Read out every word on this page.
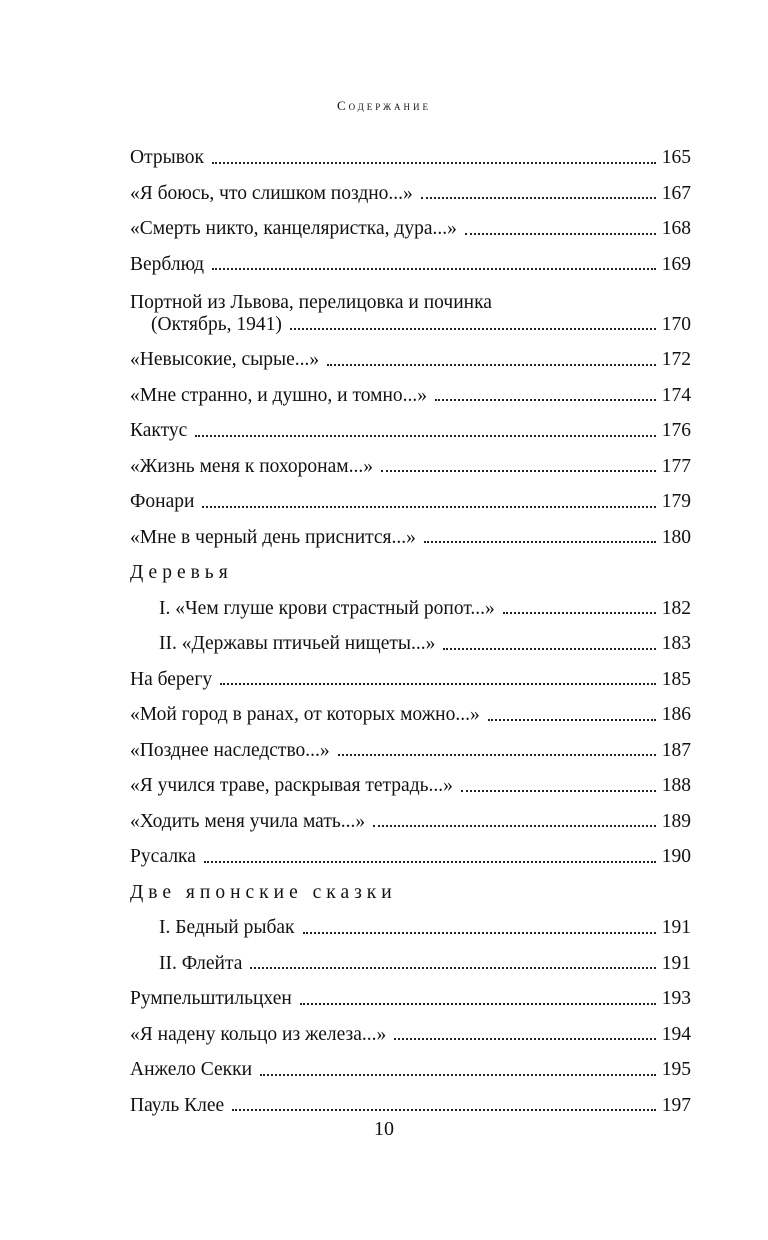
Содержание
Отрывок	165
«Я боюсь, что слишком поздно...»	167
«Смерть никто, канцеляристка, дура...»	168
Верблюд	169
Портной из Львова, перелицовка и починка
(Октябрь, 1941)	170
«Невысокие, сырые...»	172
«Мне странно, и душно, и томно...»	174
Кактус	176
«Жизнь меня к похоронам...»	177
Фонари	179
«Мне в черный день приснится...»	180
Деревья
I. «Чем глуше крови страстный ропот...»	182
II. «Державы птичьей нищеты...»	183
На берегу	185
«Мой город в ранах, от которых можно...»	186
«Позднее наследство...»	187
«Я учился траве, раскрывая тетрадь...»	188
«Ходить меня учила мать...»	189
Русалка	190
Две японские сказки
I. Бедный рыбак	191
II. Флейта	191
Румпельштильцхен	193
«Я надену кольцо из железа...»	194
Анжело Секки	195
Пауль Клее	197
10
